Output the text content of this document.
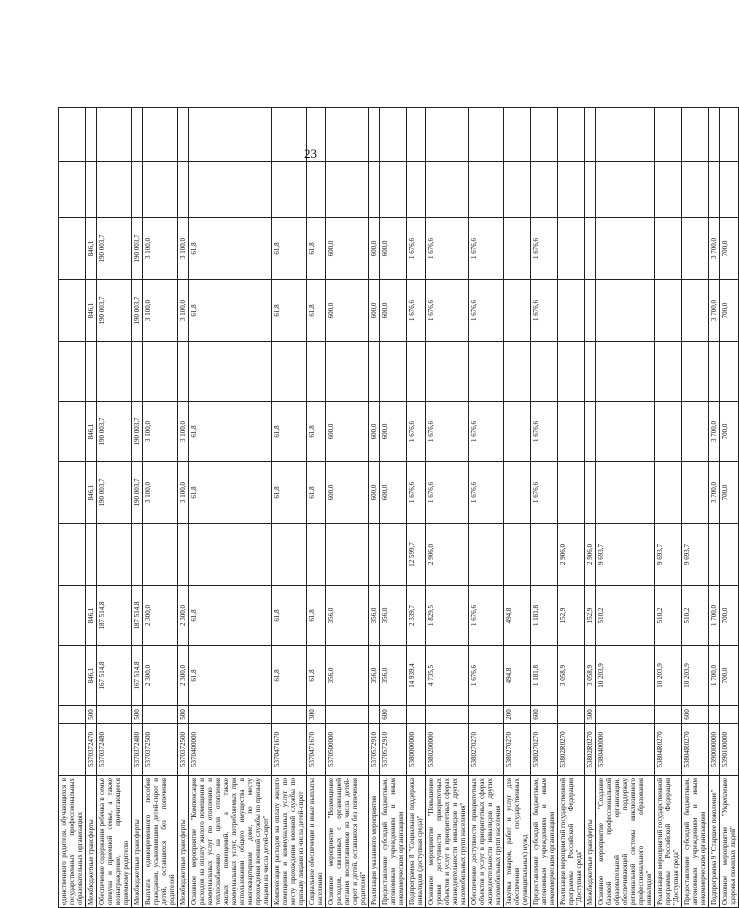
23
единственного родителя, обучающихся в государственных профессиональных образовательных организациях												
Межбюджетные трансферты	5370372470	500	846,1	846,1		846,1	846,1		846,1	846,1		
Обеспечение содержания ребенка в семье опекуна и приемной семье, а также вознаграждение, причитающееся приемному родителю	5370372480		167 514,8	187 514,8		190 003,7	190 003,7		190 003,7	190 003,7		
Межбюджетные трансферты	5370372480	500	167 514,8	187 514,8		190 003,7	190 003,7		190 003,7	190 003,7		
Выплата единовременного пособия гражданам, усыновившим детей-сирот и детей, оставшихся без попечения родителей	5370372500		2 300,0	2 300,0		3 100,0	3 100,0		3 100,0	3 100,0		
Межбюджетные трансферты	5370372500	500	2 300,0	2 300,0		3 100,0	3 100,0		3 100,0	3 100,0		
Основное мероприятие "Компенсация расходов на оплату жилого помещения и коммунальных услуг по отоплению и теплоснабжению на цели отопления жилых помещений, а также коммунальных услуг, потребляемых при использовании общего имущества в многоквартирном доме, по месту прохождения военной службы по призыву лицами из числа детей-сирот"	5370400000		61,8	61,8		61,8	61,8		61,8	61,8		
Компенсация расходов на оплату жилого помещения и коммунальных услуг по месту прохождения военной службы по призыву лицами из числа детей-сирот	5370471670		61,8	61,8		61,8	61,8		61,8	61,8		
Социальное обеспечение и иные выплаты населению	5370471670	300	61,8	61,8		61,8	61,8		61,8	61,8		
Основное мероприятие "Возмещение расходов, связанных с организацией питания воспитанников из числа детей-сирот и детей, оставшихся без попечения родителей"	5370500000		356,0	356,0		600,0	600,0		600,0	600,0		
Реализация указанного мероприятия	5370572910		356,0	356,0		600,0	600,0		600,0	600,0		
Предоставление субсидий бюджетным, автономным учреждениям и иным некоммерческим организациям	5370572910	600	356,0	356,0		600,0	600,0		600,0	600,0		
Подпрограмма 8 "Социальная поддержка инвалидов (доступная среда)"	5380000000		14 939,4	2 339,7	12 599,7	1 676,6	1 676,6		1 676,6	1 676,6		
Основное мероприятие "Повышение уровня доступности приоритетных объектов и услуг в приоритетных сферах жизнедеятельности инвалидов и других маломобильных групп населения"	5380200000		4 735,5	1 829,5	2 906,0	1 676,6	1 676,6		1 676,6	1 676,6		
Обеспечение доступности приоритетных объектов и услуг в приоритетных сферах жизнедеятельности инвалидов и других маломобильных групп населения	5380270270		1 676,6	1 676,6		1 676,6	1 676,6		1 676,6	1 676,6		
Закупка товаров, работ и услуг для обеспечения государственных (муниципальных) нужд	5380270270	200	494,8	494,8								
Предоставление субсидий бюджетным, автономным учреждениям и иным некоммерческим организациям	5380270270	600	1 181,8	1 181,8		1 676,6	1 676,6		1 676,6	1 676,6		
Реализация мероприятий государственной программы Российской Федерации "Доступная среда"	53802R0270		3 058,9	152,9	2 906,0							
Межбюджетные трансферты	53802R0270	500	3 058,9	152,9	2 906,0							
Основное мероприятие "Создание базовой профессиональной образовательной организации, обеспечивающей поддержку региональной системы инклюзивного профессионального образования инвалидов"	5380400000		10 203,9	510,2	9 693,7							
Реализация мероприятий государственной программы Российской Федерации "Доступная среда"	53804R0270		10 203,9	510,2	9 693,7							
Предоставление субсидий бюджетным, автономным учреждениям и иным некоммерческим организациям	53804R0270	600	10 203,9	510,2	9 693,7							
Подпрограмма 9 "Старшее поколение"	5390000000		1 700,0	1 700,0		3 700,0	3 700,0		3 700,0	3 700,0		
Основное мероприятие "Укрепление здоровья пожилых людей"	5390100000		700,0	700,0		700,0	700,0		700,0	700,0		
